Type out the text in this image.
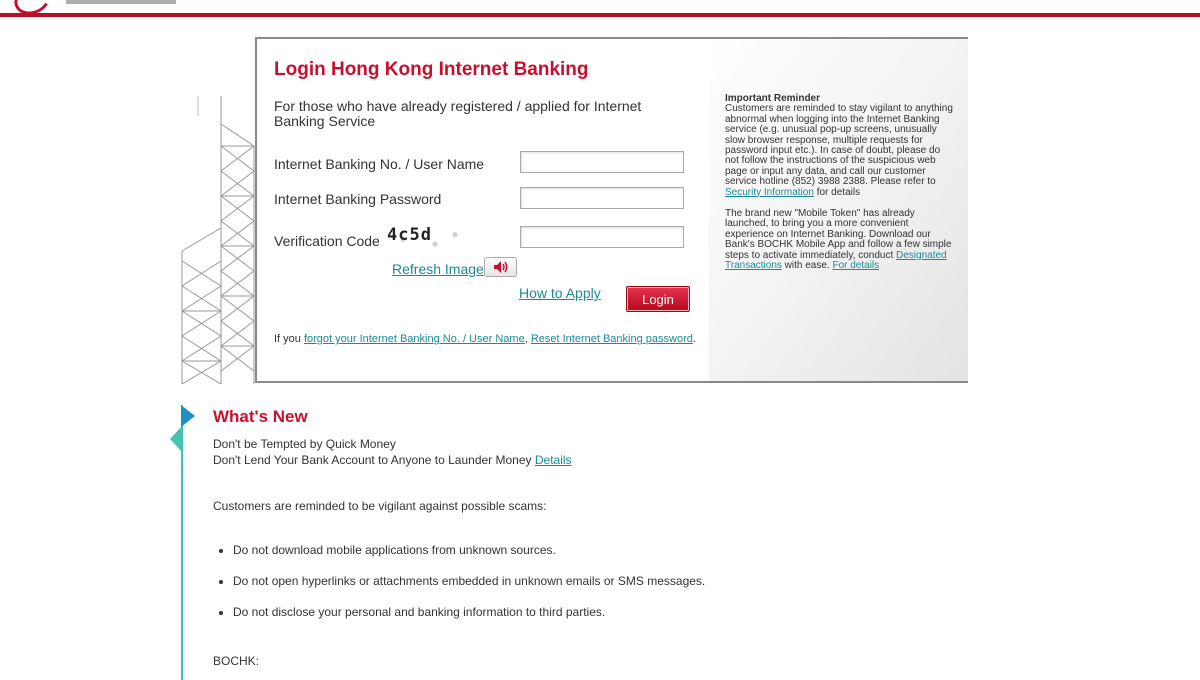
Important Reminder

Customers are reminded to stay vigilant to anything abnormal when logging into the Internet Banking service (e.g. unusual pop-up screens, unusually slow browser response, multiple requests for password input etc.). In case of doubt, please do not follow the instructions of the suspicious web page or input any data, and call our customer service hotline (852) 3988 2388. Please refer to Security Information for details

The brand new "Mobile Token" has already launched, to bring you a more convenient experience on Internet Banking. Download our Bank's BOCHK Mobile App and follow a few simple steps to activate immediately, conduct Designated Transactions with ease. For details

Login Hong Kong Internet Banking
For those who have already registered / applied for Internet Banking Service
Internet Banking No. / User Name
Internet Banking Password
Verification Code 4c5d
Refresh Image
How to Apply	Login
If you forgot your Internet Banking No. / User Name, Reset Internet Banking password.
What's New
Don't be Tempted by Quick Money
Don't Lend Your Bank Account to Anyone to Launder Money Details
Customers are reminded to be vigilant against possible scams:
• Do not download mobile applications from unknown sources.
• Do not open hyperlinks or attachments embedded in unknown emails or SMS messages.
• Do not disclose your personal and banking information to third parties.
BOCHK:
